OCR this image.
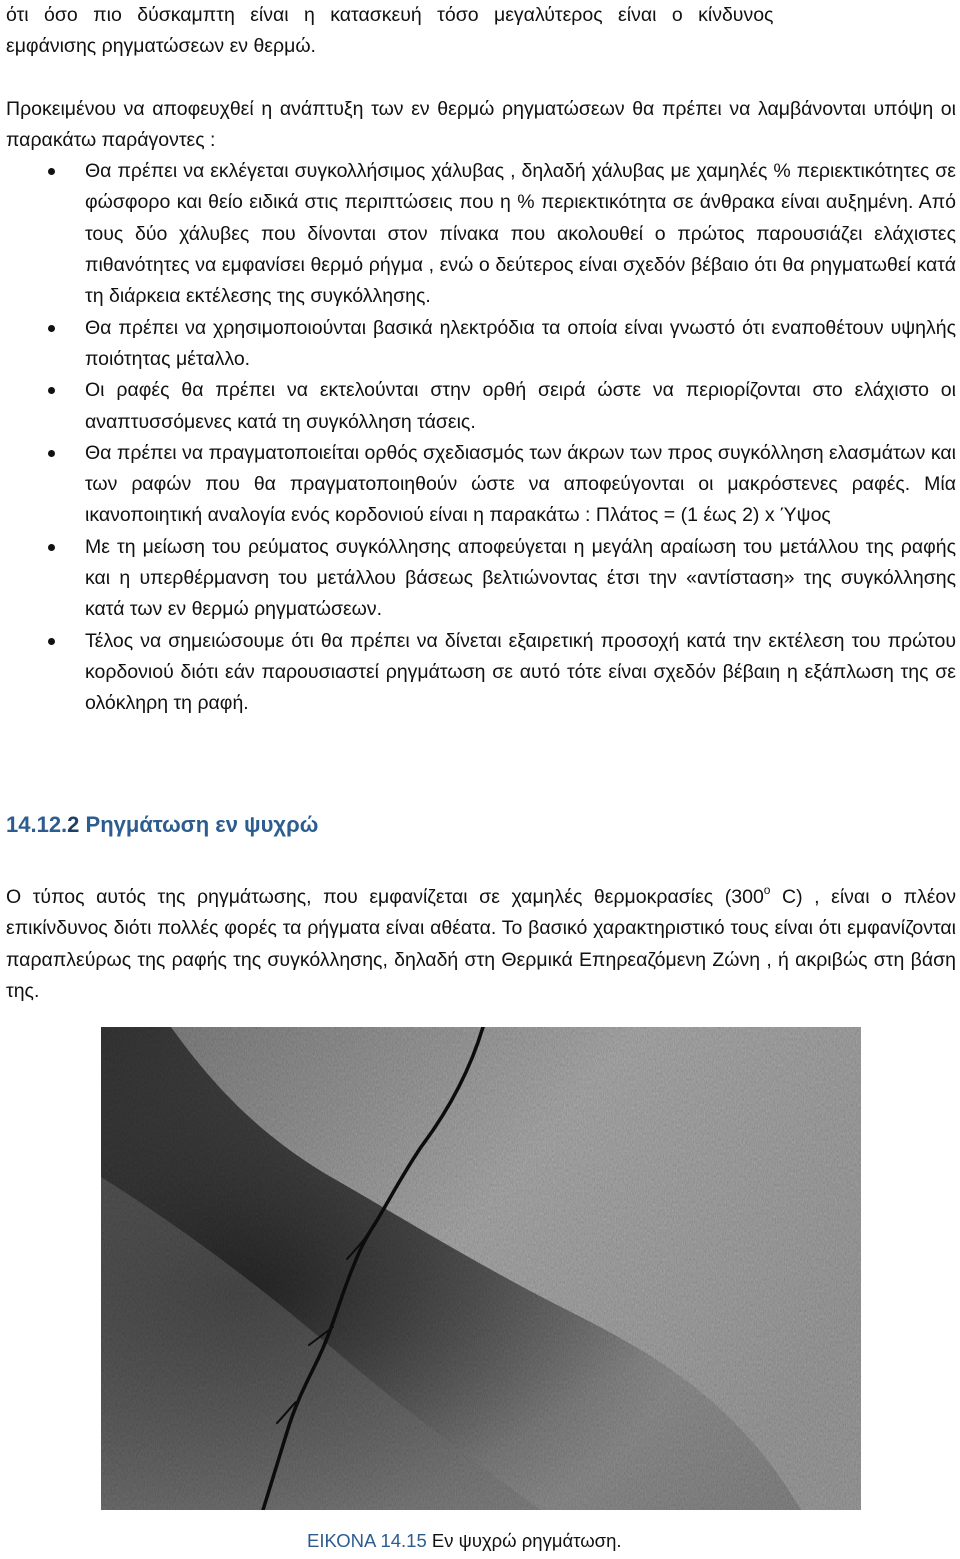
ότι όσο πιο δύσκαμπτη είναι η κατασκευή τόσο μεγαλύτερος είναι ο κίνδυνος
εμφάνισης ρηγματώσεων εν θερμώ.

Προκειμένου να αποφευχθεί η ανάπτυξη των εν θερμώ ρηγματώσεων θα πρέπει να λαμβάνονται υπόψη οι παρακάτω παράγοντες :

Θα πρέπει να εκλέγεται συγκολλήσιμος χάλυβας , δηλαδή χάλυβας με χαμηλές % περιεκτικότητες σε φώσφορο και θείο ειδικά στις περιπτώσεις που η % περιεκτικότητα σε άνθρακα είναι αυξημένη. Από τους δύο χάλυβες που δίνονται στον πίνακα που ακολουθεί ο πρώτος παρουσιάζει ελάχιστες πιθανότητες να εμφανίσει θερμό ρήγμα , ενώ ο δεύτερος είναι σχεδόν βέβαιο ότι θα ρηγματωθεί κατά τη διάρκεια εκτέλεσης της συγκόλλησης.
Θα πρέπει να χρησιμοποιούνται βασικά ηλεκτρόδια τα οποία είναι γνωστό ότι εναποθέτουν υψηλής ποιότητας μέταλλο.
Οι ραφές θα πρέπει να εκτελούνται στην ορθή σειρά ώστε να περιορίζονται στο ελάχιστο οι αναπτυσσόμενες κατά τη συγκόλληση τάσεις.
Θα πρέπει να πραγματοποιείται ορθός σχεδιασμός των άκρων των προς συγκόλληση ελασμάτων και των ραφών που θα πραγματοποιηθούν ώστε να αποφεύγονται οι μακρόστενες ραφές. Μία ικανοποιητική αναλογία ενός κορδονιού είναι η παρακάτω : Πλάτος = (1 έως 2) x Ύψος
Με τη μείωση του ρεύματος συγκόλλησης αποφεύγεται η μεγάλη αραίωση του μετάλλου της ραφής και η υπερθέρμανση του μετάλλου βάσεως βελτιώνοντας έτσι την «αντίσταση» της συγκόλλησης κατά των εν θερμώ ρηγματώσεων.
Τέλος να σημειώσουμε ότι θα πρέπει να δίνεται εξαιρετική προσοχή κατά την εκτέλεση του πρώτου κορδονιού διότι εάν παρουσιαστεί ρηγμάτωση σε αυτό τότε είναι σχεδόν βέβαιη η εξάπλωση της σε ολόκληρη τη ραφή.
14.12.2 Ρηγμάτωση εν ψυχρώ

Ο τύπος αυτός της ρηγμάτωσης, που εμφανίζεται σε χαμηλές θερμοκρασίες ($300^o$ C) , είναι ο πλέον επικίνδυνος διότι πολλές φορές τα ρήγματα είναι αθέατα. Το βασικό χαρακτηριστικό τους είναι ότι εμφανίζονται παραπλεύρως της ραφής της συγκόλλησης, δηλαδή στη Θερμικά Επηρεαζόμενη Ζώνη , ή ακριβώς στη βάση της.

ΕΙΚΟΝΑ 14.15 Εν ψυχρώ ρηγμάτωση.
